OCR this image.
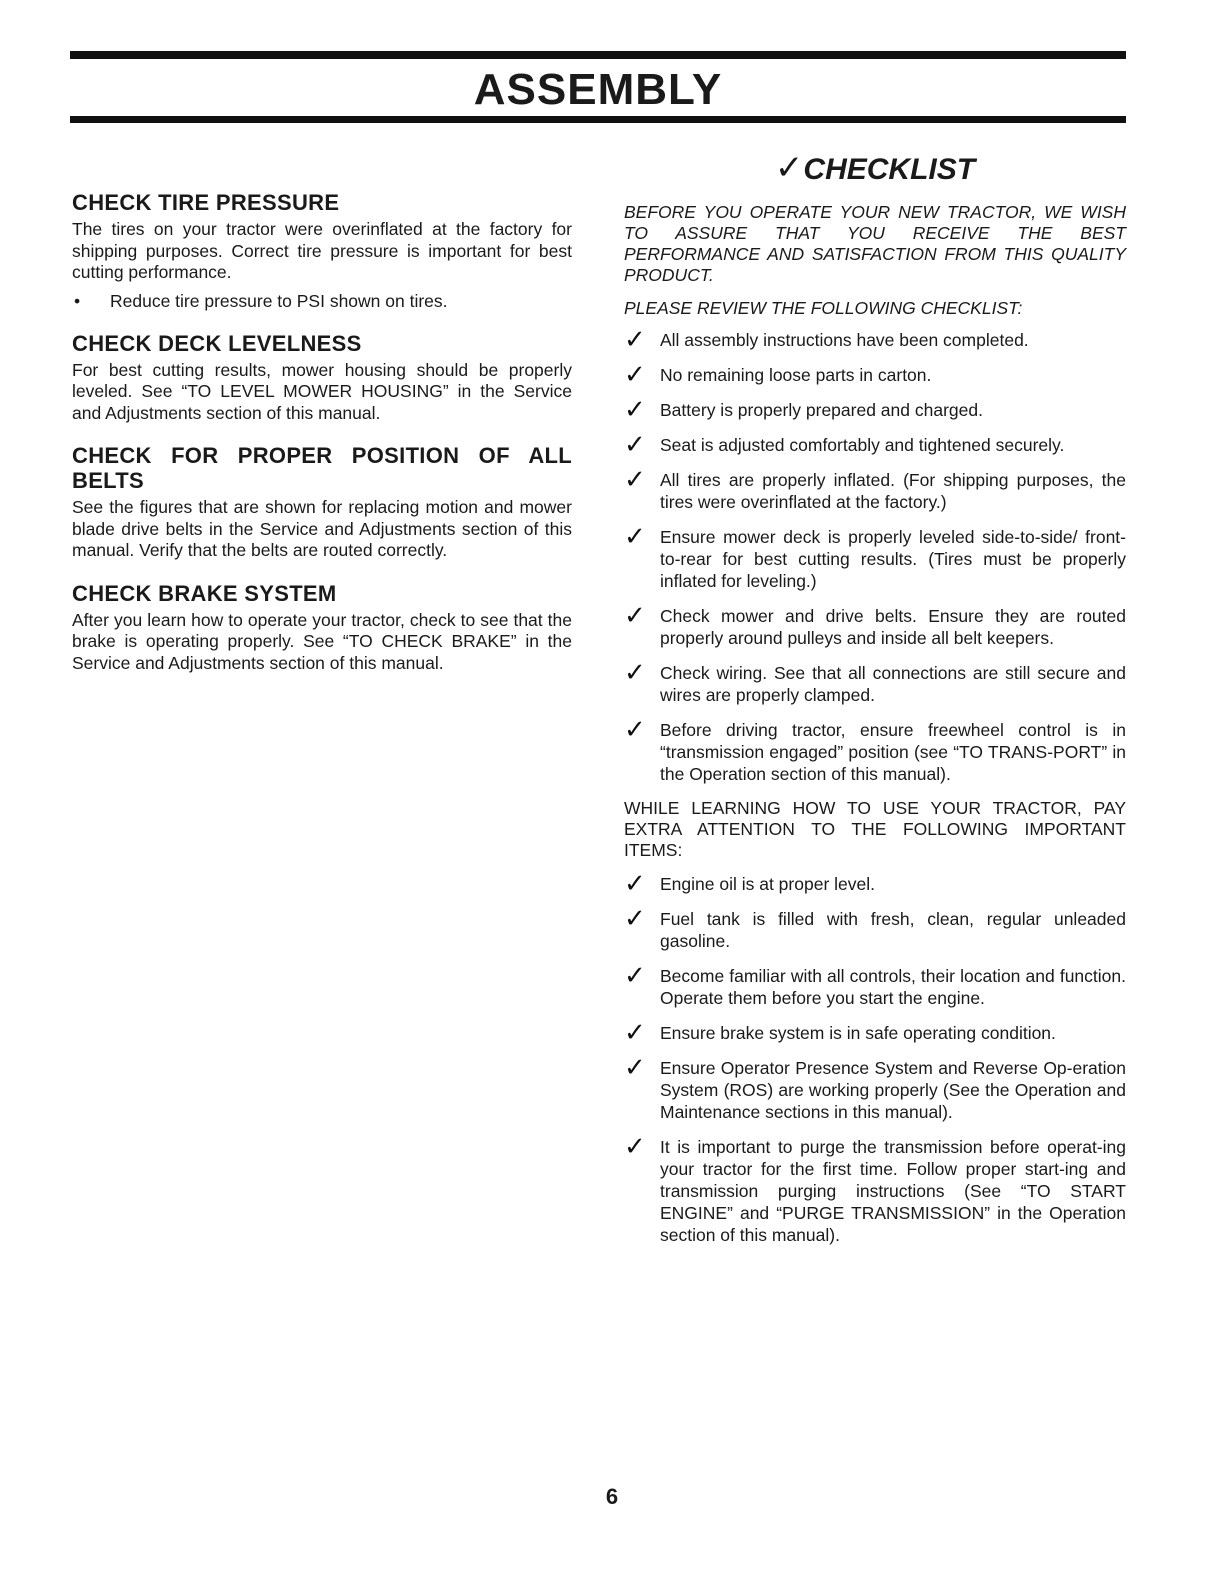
ASSEMBLY
CHECK TIRE PRESSURE

The tires on your tractor were overinflated at the factory for shipping purposes. Correct tire pressure is important for best cutting performance.

•	Reduce tire pressure to PSI shown on tires.
CHECK DECK LEVELNESS

For best cutting results, mower housing should be properly leveled. See “TO LEVEL MOWER HOUSING” in the Service and Adjustments section of this manual.

CHECK FOR PROPER POSITION OF ALL BELTS

See the figures that are shown for replacing motion and mower blade drive belts in the Service and Adjustments section of this manual. Verify that the belts are routed correctly.

CHECK BRAKE SYSTEM

After you learn how to operate your tractor, check to see that the brake is operating properly. See “TO CHECK BRAKE” in the Service and Adjustments section of this manual.

✓CHECKLIST

BEFORE YOU OPERATE YOUR NEW TRACTOR, WE WISH TO ASSURE THAT YOU RECEIVE THE BEST PERFORMANCE AND SATISFACTION FROM THIS QUALITY PRODUCT.

PLEASE REVIEW THE FOLLOWING CHECKLIST:

✓ All assembly instructions have been completed.
✓ No remaining loose parts in carton.
✓ Battery is properly prepared and charged.
✓ Seat is adjusted comfortably and tightened securely.
✓ All tires are properly inflated. (For shipping purposes, the tires were overinflated at the factory.)
✓ Ensure mower deck is properly leveled side-to-side/ front-to-rear for best cutting results. (Tires must be properly inflated for leveling.)
✓ Check mower and drive belts. Ensure they are routed properly around pulleys and inside all belt keepers.
✓ Check wiring. See that all connections are still secure and wires are properly clamped.
✓ Before driving tractor, ensure freewheel control is in “transmission engaged” position (see “TO TRANS-PORT” in the Operation section of this manual).

WHILE LEARNING HOW TO USE YOUR TRACTOR, PAY EXTRA ATTENTION TO THE FOLLOWING IMPORTANT ITEMS:

✓ Engine oil is at proper level.
✓ Fuel tank is filled with fresh, clean, regular unleaded gasoline.
✓ Become familiar with all controls, their location and function. Operate them before you start the engine.
✓ Ensure brake system is in safe operating condition.
✓ Ensure Operator Presence System and Reverse Op-eration System (ROS) are working properly (See the Operation and Maintenance sections in this manual).
✓ It is important to purge the transmission before operat-ing your tractor for the first time. Follow proper start-ing and transmission purging instructions (See “TO START ENGINE” and “PURGE TRANSMISSION” in the Operation section of this manual).
6
